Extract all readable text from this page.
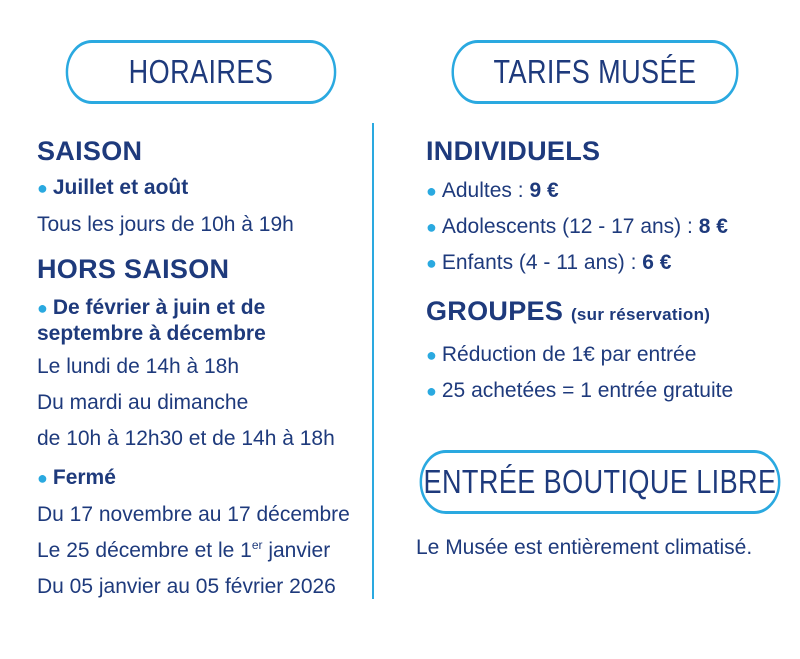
HORAIRES	TARIFS MUSÉE
ENTRÉE BOUTIQUE LIBRE
SAISON
● Juillet et août
Tous les jours de 10h à 19h
HORS SAISON
● De février à juin et de
septembre à décembre
Le lundi de 14h à 18h
Du mardi au dimanche
de 10h à 12h30 et de 14h à 18h
● Fermé
Du 17 novembre au 17 décembre
Le 25 décembre et le 1er janvier
Du 05 janvier au 05 février 2026
INDIVIDUELS
● Adultes : 9 €
● Adolescents (12 - 17 ans) : 8 €
● Enfants (4 - 11 ans) : 6 €
GROUPES (sur réservation)
● Réduction de 1€ par entrée
● 25 achetées = 1 entrée gratuite
Le Musée est entièrement climatisé.
